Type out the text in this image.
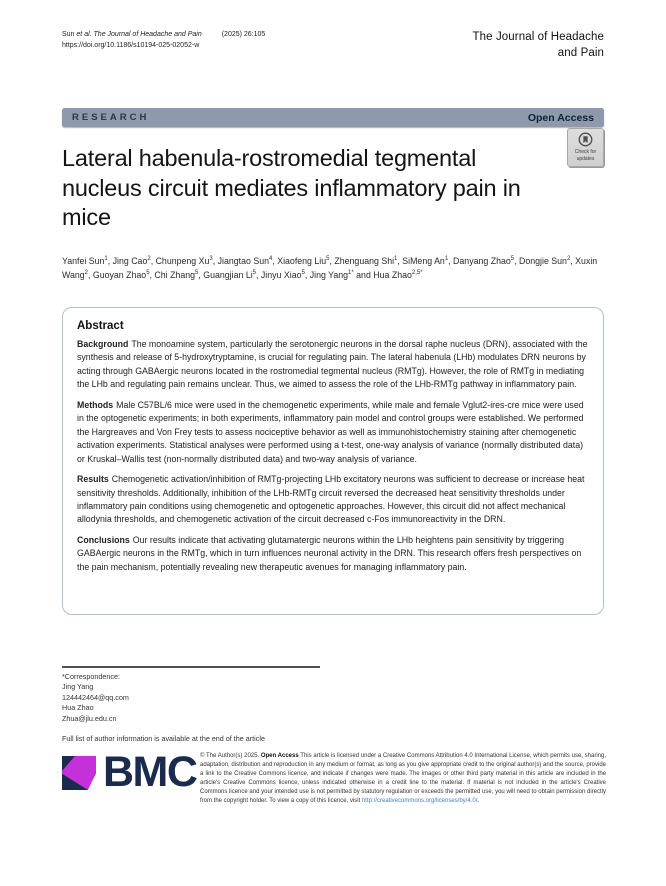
Sun et al. The Journal of Headache and Pain	(2025) 26:105
https://doi.org/10.1186/s10194-025-02052-w
The Journal of Headache
and Pain
RESEARCH	Open Access
Check for
updates
Lateral habenula-rostromedial tegmental nucleus circuit mediates inflammatory pain in mice
Yanfei Sun$^1$, Jing Cao$^2$, Chunpeng Xu$^3$, Jiangtao Sun$^4$, Xiaofeng Liu$^5$, Zhenguang Shi$^1$, SiMeng An$^1$, Danyang Zhao$^5$, Dongjie Sun$^2$, Xuxin Wang$^2$, Guoyan Zhao$^5$, Chi Zhang$^5$, Guangjian Li$^5$, Jinyu Xiao$^5$, Jing Yang$^{1*}$ and Hua Zhao$^{2,5*}$
Abstract

Background The monoamine system, particularly the serotonergic neurons in the dorsal raphe nucleus (DRN), associated with the synthesis and release of 5-hydroxytryptamine, is crucial for regulating pain. The lateral habenula (LHb) modulates DRN neurons by acting through GABAergic neurons located in the rostromedial tegmental nucleus (RMTg). However, the role of RMTg in mediating the LHb and regulating pain remains unclear. Thus, we aimed to assess the role of the LHb-RMTg pathway in inflammatory pain.

Methods Male C57BL/6 mice were used in the chemogenetic experiments, while male and female Vglut2-ires-cre mice were used in the optogenetic experiments; in both experiments, inflammatory pain model and control groups were established. We performed the Hargreaves and Von Frey tests to assess nociceptive behavior as well as immunohistochemistry staining after chemogenetic activation experiments. Statistical analyses were performed using a t-test, one-way analysis of variance (normally distributed data) or Kruskal–Wallis test (non-normally distributed data) and two-way analysis of variance.

Results Chemogenetic activation/inhibition of RMTg-projecting LHb excitatory neurons was sufficient to decrease or increase heat sensitivity thresholds. Additionally, inhibition of the LHb-RMTg circuit reversed the decreased heat sensitivity thresholds under inflammatory pain conditions using chemogenetic and optogenetic approaches. However, this circuit did not affect mechanical allodynia thresholds, and chemogenetic activation of the circuit decreased c-Fos immunoreactivity in the DRN.

Conclusions Our results indicate that activating glutamatergic neurons within the LHb heightens pain sensitivity by triggering GABAergic neurons in the RMTg, which in turn influences neuronal activity in the DRN. This research offers fresh perspectives on the pain mechanism, potentially revealing new therapeutic avenues for managing inflammatory pain.

*Correspondence:
Jing Yang
124442464@qq.com
Hua Zhao
Zhua@jlu.edu.cn
Full list of author information is available at the end of the article
BMC © The Author(s) 2025. Open Access This article is licensed under a Creative Commons Attribution 4.0 International License, which permits use, sharing, adaptation, distribution and reproduction in any medium or format, as long as you give appropriate credit to the original author(s) and the source, provide a link to the Creative Commons licence, and indicate if changes were made. The images or other third party material in this article are included in the article's Creative Commons licence, unless indicated otherwise in a credit line to the material. If material is not included in the article's Creative Commons licence and your intended use is not permitted by statutory regulation or exceeds the permitted use, you will need to obtain permission directly from the copyright holder. To view a copy of this licence, visit http://creativecommons.org/licenses/by/4.0/.
